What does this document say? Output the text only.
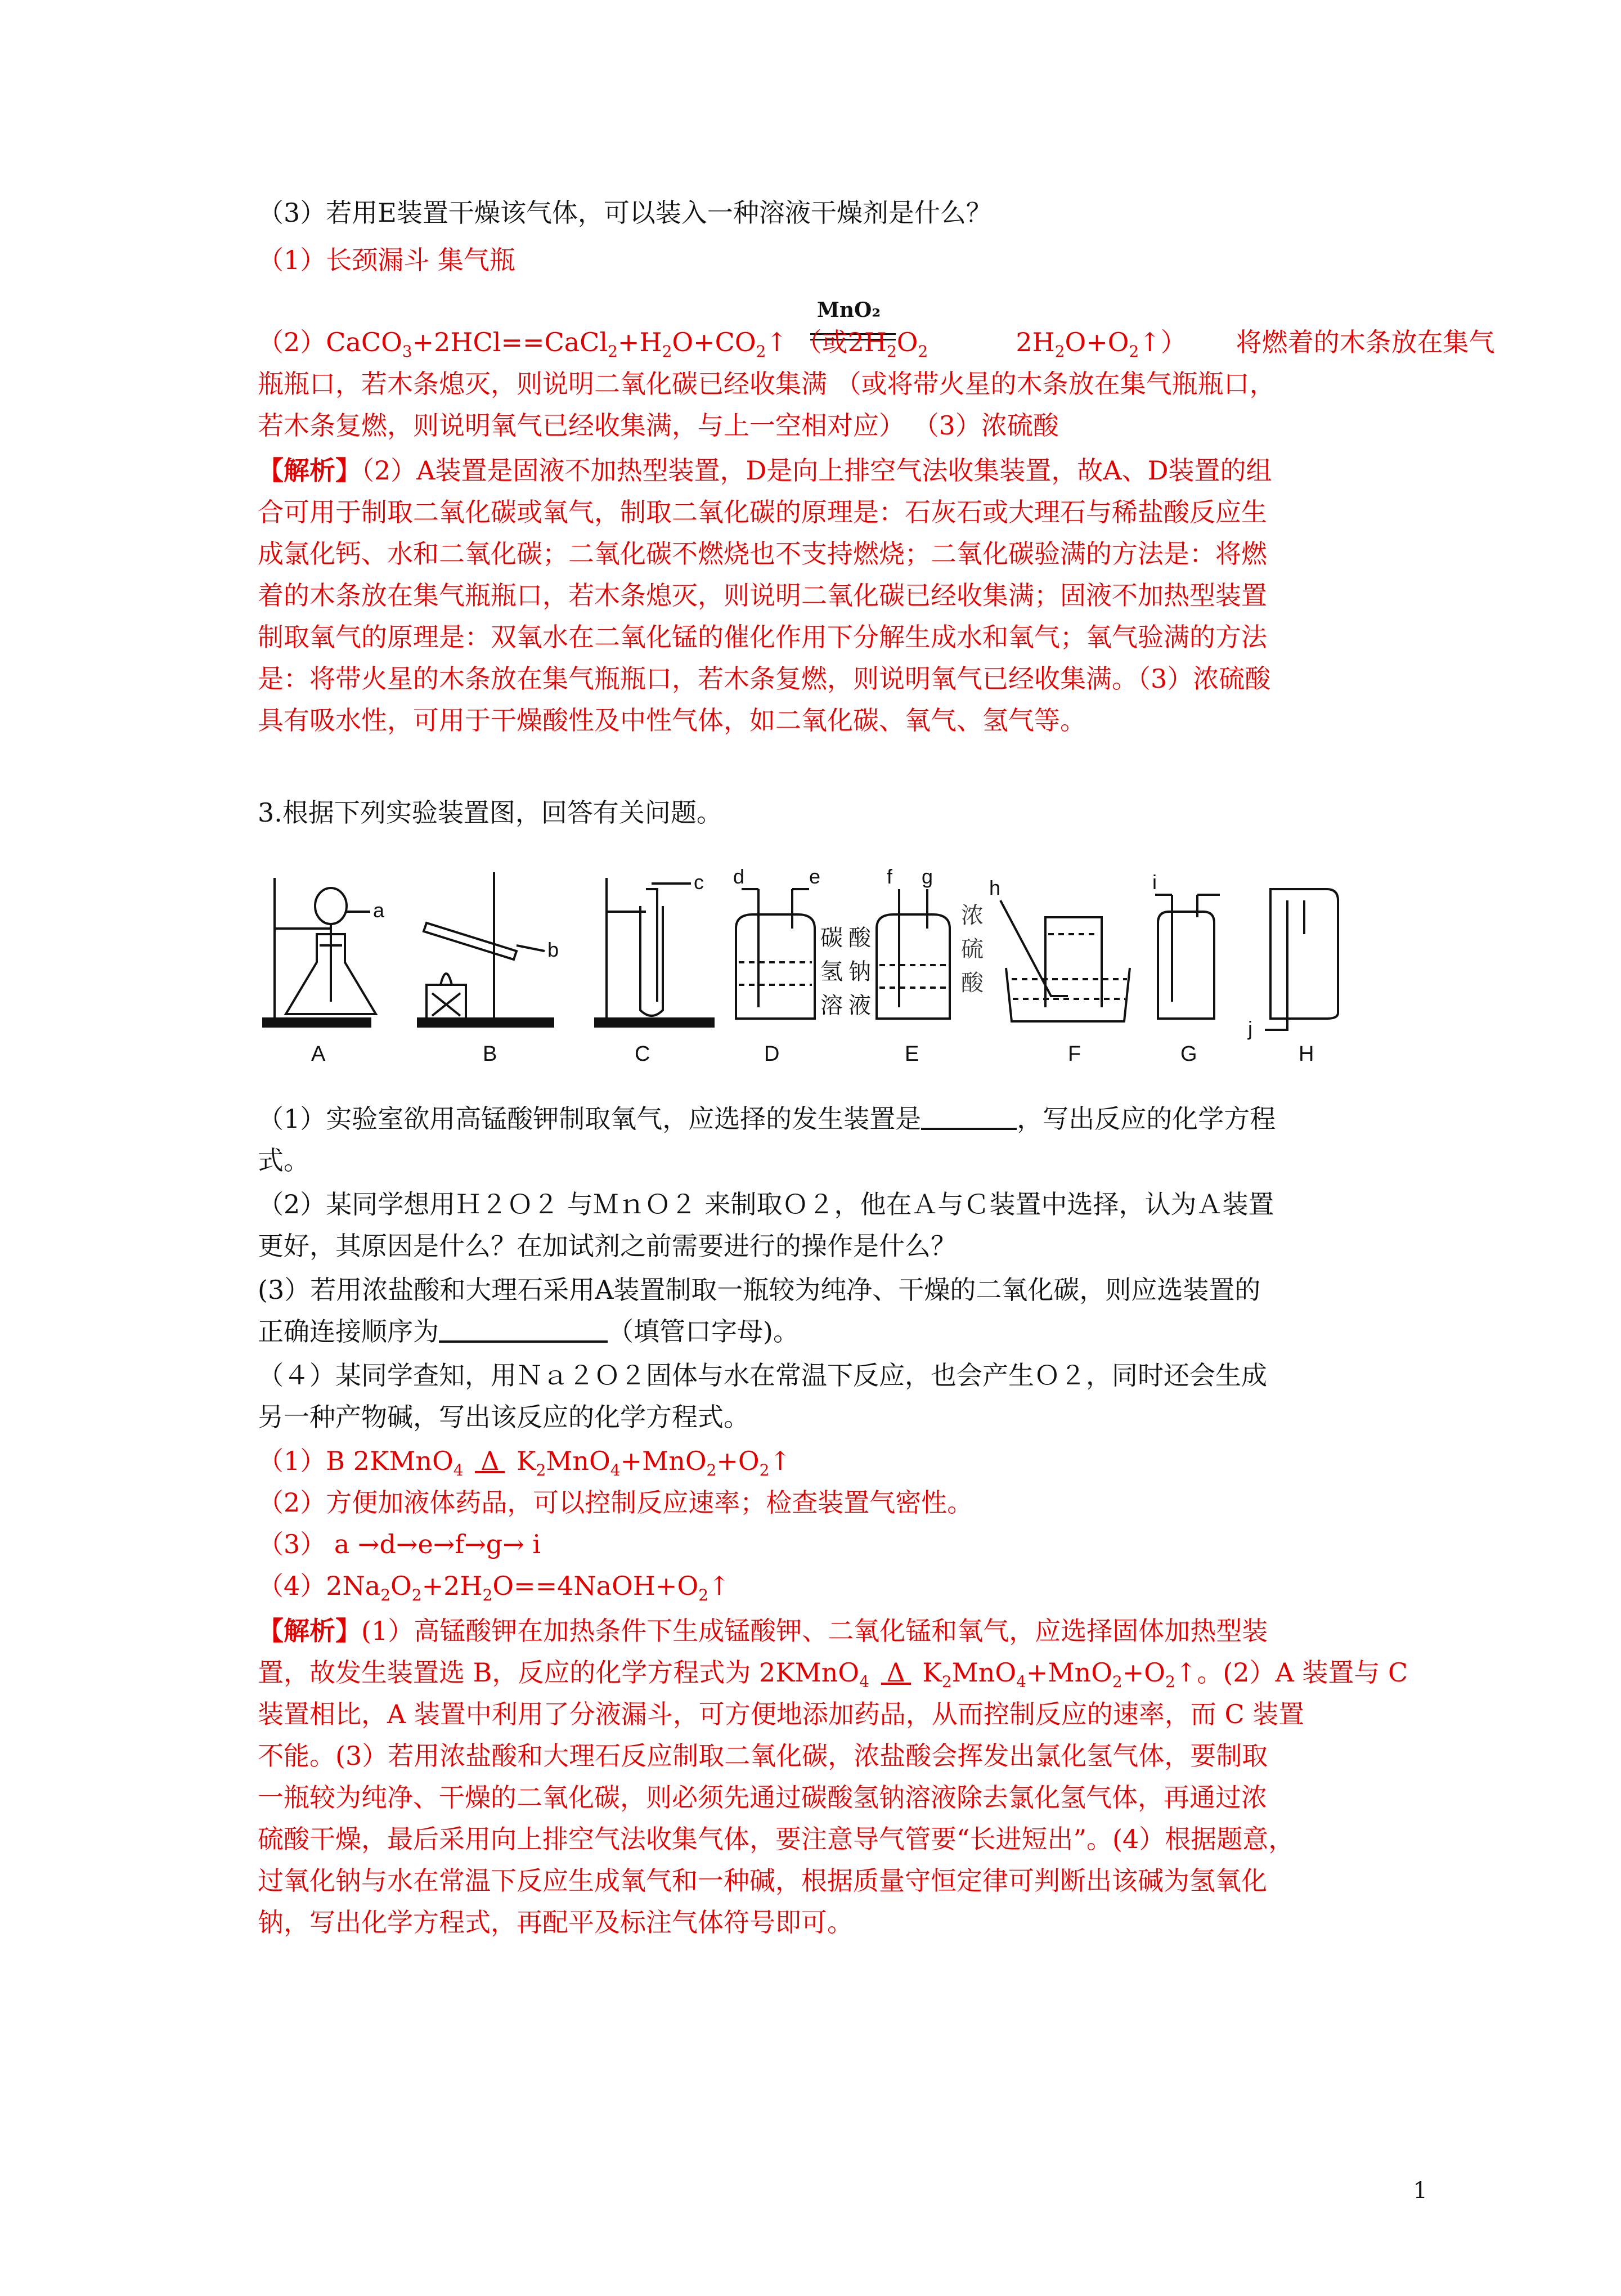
（3）若用E装置干燥该气体，可以装入一种溶液干燥剂是什么？
（1）长颈漏斗 集气瓶
MnO₂
$(2)CaCO_3+2HCl==CaCl_2+H_2O+CO_2↑$ （或$2H_2O_2$	$2H_2O+O_2↑$）      将燃着的木条放在集气
瓶瓶口，若木条熄灭，则说明二氧化碳已经收集满 （或将带火星的木条放在集气瓶瓶口，
若木条复燃，则说明氧气已经收集满，与上一空相对应） （3）浓硫酸
【解析】（2）A装置是固液不加热型装置，D是向上排空气法收集装置，故A、D装置的组
合可用于制取二氧化碳或氧气，制取二氧化碳的原理是：石灰石或大理石与稀盐酸反应生
成氯化钙、水和二氧化碳；二氧化碳不燃烧也不支持燃烧；二氧化碳验满的方法是：将燃
着的木条放在集气瓶瓶口，若木条熄灭，则说明二氧化碳已经收集满；固液不加热型装置
制取氧气的原理是：双氧水在二氧化锰的催化作用下分解生成水和氧气；氧气验满的方法
是：将带火星的木条放在集气瓶瓶口，若木条复燃，则说明氧气已经收集满。（3）浓硫酸
具有吸水性，可用于干燥酸性及中性气体，如二氧化碳、氧气、氢气等。
3.根据下列实验装置图，回答有关问题。
a
b
c d	e
碳 酸
氢 钠
溶 液
f g
浓
硫
酸
h	i
j
A	B	C	D	E	F	G	H
（1）实验室欲用高锰酸钾制取氧气，应选择的发生装置是	，写出反应的化学方程
式。
（2）某同学想用Ｈ２Ｏ２ 与ＭｎＯ２ 来制取Ｏ２，他在Ａ与Ｃ装置中选择，认为Ａ装置
更好，其原因是什么？在加试剂之前需要进行的操作是什么？
(3）若用浓盐酸和大理石采用A装置制取一瓶较为纯净、干燥的二氧化碳，则应选装置的
正确连接顺序为	（填管口字母)。
（４）某同学查知，用Ｎａ２Ｏ２固体与水在常温下反应，也会产生Ｏ２，同时还会生成
另一种产物碱，写出该反应的化学方程式。
（1）B 2KMnO$_4$ Δ $K_2MnO_4+MnO_2+O_2↑$
（2）方便加液体药品，可以控制反应速率；检查装置气密性。
（3） a →d→e→f→g→ i
$(4)2Na_2O_2+2H_2O==4NaOH+O_2↑$
【解析】(1）高锰酸钾在加热条件下生成锰酸钾、二氧化锰和氧气，应选择固体加热型装
置，故发生装置选 B，反应的化学方程式为 2KMnO$_4$ Δ $K_2MnO_4+MnO_2+O_2↑$。(2）A 装置与 C
装置相比，A 装置中利用了分液漏斗，可方便地添加药品，从而控制反应的速率，而 C 装置
不能。(3）若用浓盐酸和大理石反应制取二氧化碳，浓盐酸会挥发出氯化氢气体，要制取
一瓶较为纯净、干燥的二氧化碳，则必须先通过碳酸氢钠溶液除去氯化氢气体，再通过浓
硫酸干燥，最后采用向上排空气法收集气体，要注意导气管要“长进短出”。(4）根据题意，
过氧化钠与水在常温下反应生成氧气和一种碱，根据质量守恒定律可判断出该碱为氢氧化
钠，写出化学方程式，再配平及标注气体符号即可。
1
